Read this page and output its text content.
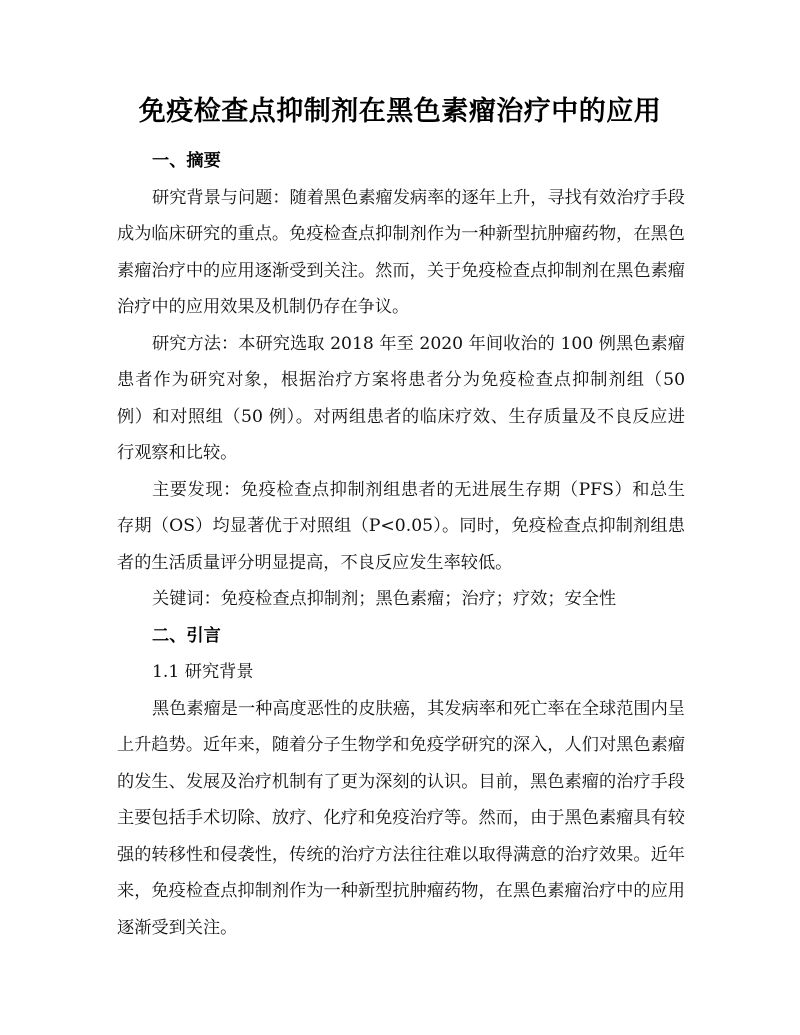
免疫检查点抑制剂在黑色素瘤治疗中的应用
一、摘要

研究背景与问题：随着黑色素瘤发病率的逐年上升，寻找有效治疗手段成为临床研究的重点。免疫检查点抑制剂作为一种新型抗肿瘤药物，在黑色素瘤治疗中的应用逐渐受到关注。然而，关于免疫检查点抑制剂在黑色素瘤治疗中的应用效果及机制仍存在争议。

研究方法：本研究选取 2018 年至 2020 年间收治的 100 例黑色素瘤患者作为研究对象，根据治疗方案将患者分为免疫检查点抑制剂组（50 例）和对照组（50 例）。对两组患者的临床疗效、生存质量及不良反应进行观察和比较。

主要发现：免疫检查点抑制剂组患者的无进展生存期（PFS）和总生存期（OS）均显著优于对照组（P<0.05）。同时，免疫检查点抑制剂组患者的生活质量评分明显提高，不良反应发生率较低。

关键词：免疫检查点抑制剂；黑色素瘤；治疗；疗效；安全性

二、引言
1.1 研究背景

黑色素瘤是一种高度恶性的皮肤癌，其发病率和死亡率在全球范围内呈上升趋势。近年来，随着分子生物学和免疫学研究的深入，人们对黑色素瘤的发生、发展及治疗机制有了更为深刻的认识。目前，黑色素瘤的治疗手段主要包括手术切除、放疗、化疗和免疫治疗等。然而，由于黑色素瘤具有较强的转移性和侵袭性，传统的治疗方法往往难以取得满意的治疗效果。近年来，免疫检查点抑制剂作为一种新型抗肿瘤药物，在黑色素瘤治疗中的应用逐渐受到关注。
